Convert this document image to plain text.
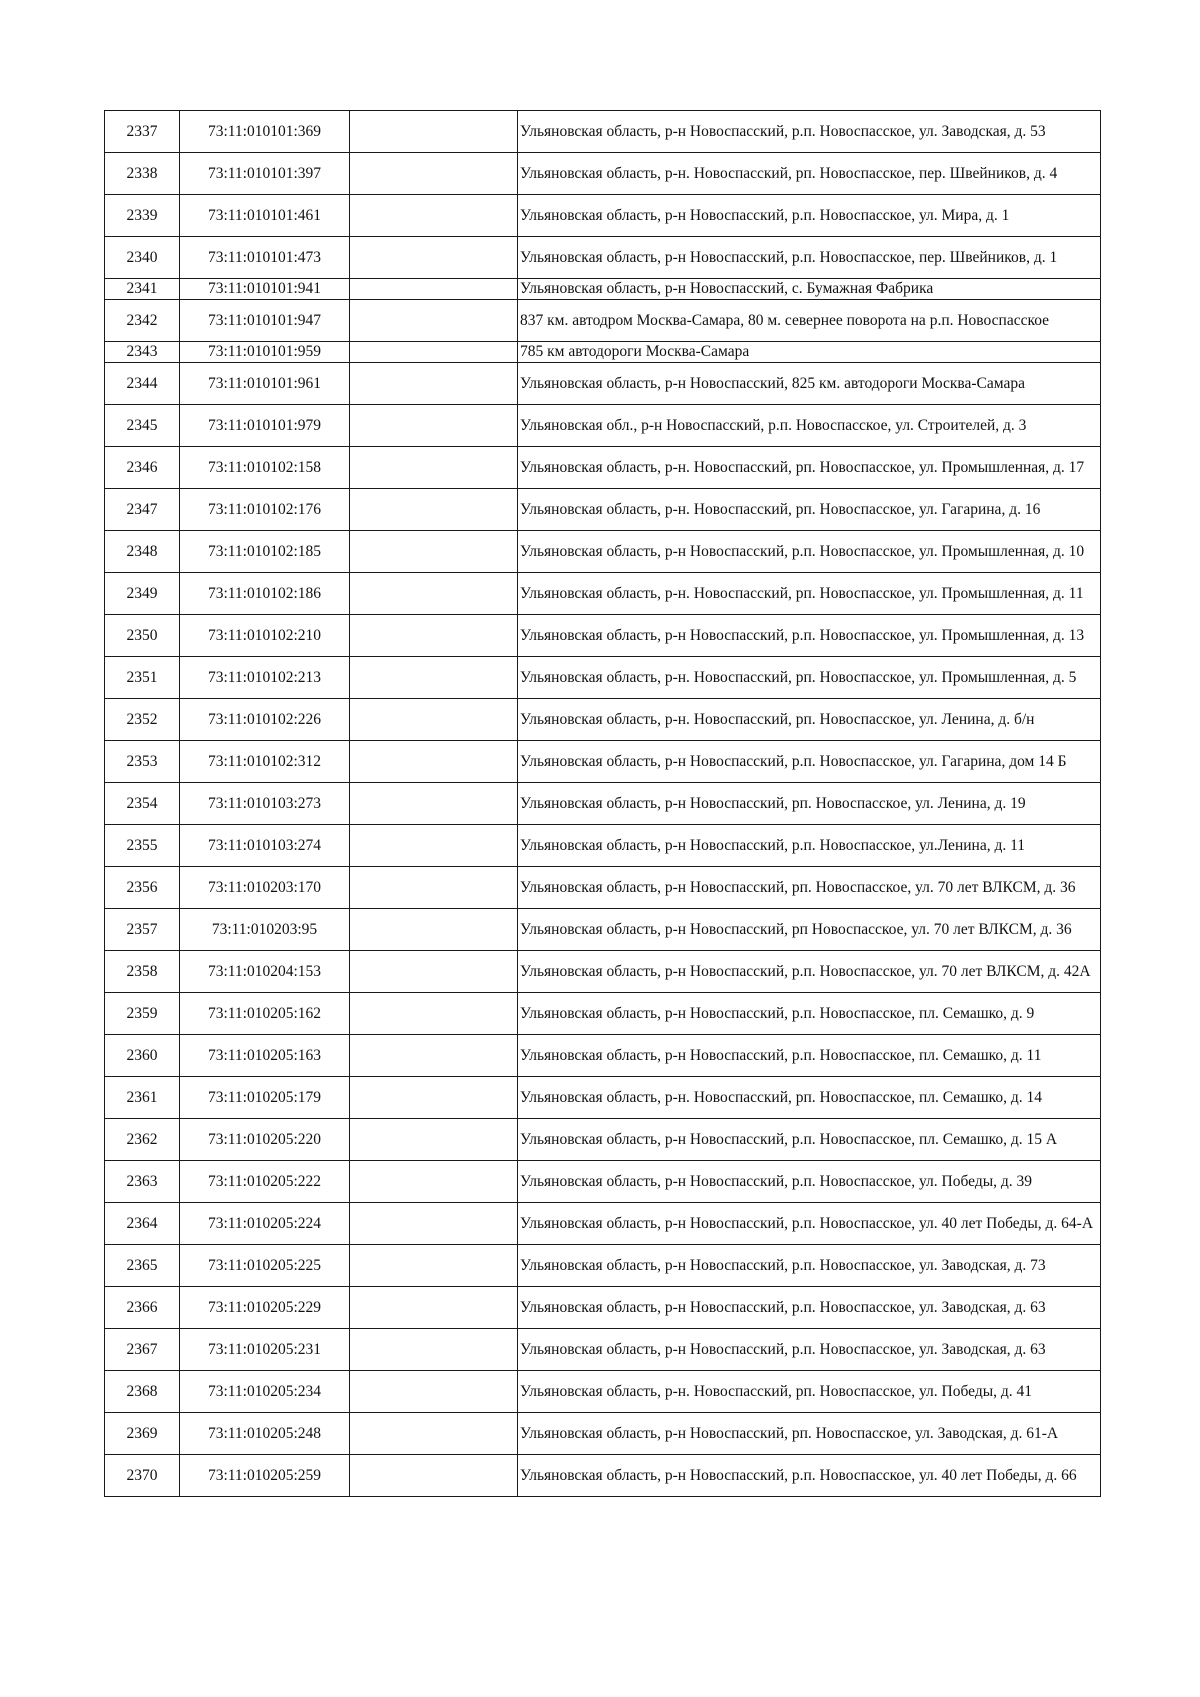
2337	73:11:010101:369		Ульяновская область, р-н Новоспасский, р.п. Новоспасское, ул. Заводская, д. 53
2338	73:11:010101:397		Ульяновская область, р-н. Новоспасский, рп. Новоспасское, пер. Швейников, д. 4
2339	73:11:010101:461		Ульяновская область, р-н Новоспасский, р.п. Новоспасское, ул. Мира, д. 1
2340	73:11:010101:473		Ульяновская область, р-н Новоспасский, р.п. Новоспасское, пер. Швейников, д. 1
2341	73:11:010101:941		Ульяновская область, р-н Новоспасский, с. Бумажная Фабрика
2342	73:11:010101:947		837 км. автодром Москва-Самара, 80 м. севернее поворота на р.п. Новоспасское
2343	73:11:010101:959		785 км автодороги Москва-Самара
2344	73:11:010101:961		Ульяновская область, р-н Новоспасский, 825 км. автодороги Москва-Самара
2345	73:11:010101:979		Ульяновская обл., р-н Новоспасский, р.п. Новоспасское, ул. Строителей, д. 3
2346	73:11:010102:158		Ульяновская область, р-н. Новоспасский, рп. Новоспасское, ул. Промышленная, д. 17
2347	73:11:010102:176		Ульяновская область, р-н. Новоспасский, рп. Новоспасское, ул. Гагарина, д. 16
2348	73:11:010102:185		Ульяновская область, р-н Новоспасский, р.п. Новоспасское, ул. Промышленная, д. 10
2349	73:11:010102:186		Ульяновская область, р-н. Новоспасский, рп. Новоспасское, ул. Промышленная, д. 11
2350	73:11:010102:210		Ульяновская область, р-н Новоспасский, р.п. Новоспасское, ул. Промышленная, д. 13
2351	73:11:010102:213		Ульяновская область, р-н. Новоспасский, рп. Новоспасское, ул. Промышленная, д. 5
2352	73:11:010102:226		Ульяновская область, р-н. Новоспасский, рп. Новоспасское, ул. Ленина, д. б/н
2353	73:11:010102:312		Ульяновская область, р-н Новоспасский, р.п. Новоспасское, ул. Гагарина, дом 14 Б
2354	73:11:010103:273		Ульяновская область, р-н Новоспасский, рп. Новоспасское, ул. Ленина, д. 19
2355	73:11:010103:274		Ульяновская область, р-н Новоспасский, р.п. Новоспасское, ул.Ленина, д. 11
2356	73:11:010203:170		Ульяновская область, р-н Новоспасский, рп. Новоспасское, ул. 70 лет ВЛКСМ, д. 36
2357	73:11:010203:95		Ульяновская область, р-н Новоспасский, рп Новоспасское, ул. 70 лет ВЛКСМ, д. 36
2358	73:11:010204:153		Ульяновская область, р-н Новоспасский, р.п. Новоспасское, ул. 70 лет ВЛКСМ, д. 42А
2359	73:11:010205:162		Ульяновская область, р-н Новоспасский, р.п. Новоспасское, пл. Семашко, д. 9
2360	73:11:010205:163		Ульяновская область, р-н Новоспасский, р.п. Новоспасское, пл. Семашко, д. 11
2361	73:11:010205:179		Ульяновская область, р-н. Новоспасский, рп. Новоспасское, пл. Семашко, д. 14
2362	73:11:010205:220		Ульяновская область, р-н Новоспасский, р.п. Новоспасское, пл. Семашко, д. 15 А
2363	73:11:010205:222		Ульяновская область, р-н Новоспасский, р.п. Новоспасское, ул. Победы, д. 39
2364	73:11:010205:224		Ульяновская область, р-н Новоспасский, р.п. Новоспасское, ул. 40 лет Победы, д. 64-А
2365	73:11:010205:225		Ульяновская область, р-н Новоспасский, р.п. Новоспасское, ул. Заводская, д. 73
2366	73:11:010205:229		Ульяновская область, р-н Новоспасский, р.п. Новоспасское, ул. Заводская, д. 63
2367	73:11:010205:231		Ульяновская область, р-н Новоспасский, р.п. Новоспасское, ул. Заводская, д. 63
2368	73:11:010205:234		Ульяновская область, р-н. Новоспасский, рп. Новоспасское, ул. Победы, д. 41
2369	73:11:010205:248		Ульяновская область, р-н Новоспасский, рп. Новоспасское, ул. Заводская, д. 61-А
2370	73:11:010205:259		Ульяновская область, р-н Новоспасский, р.п. Новоспасское, ул. 40 лет Победы, д. 66
